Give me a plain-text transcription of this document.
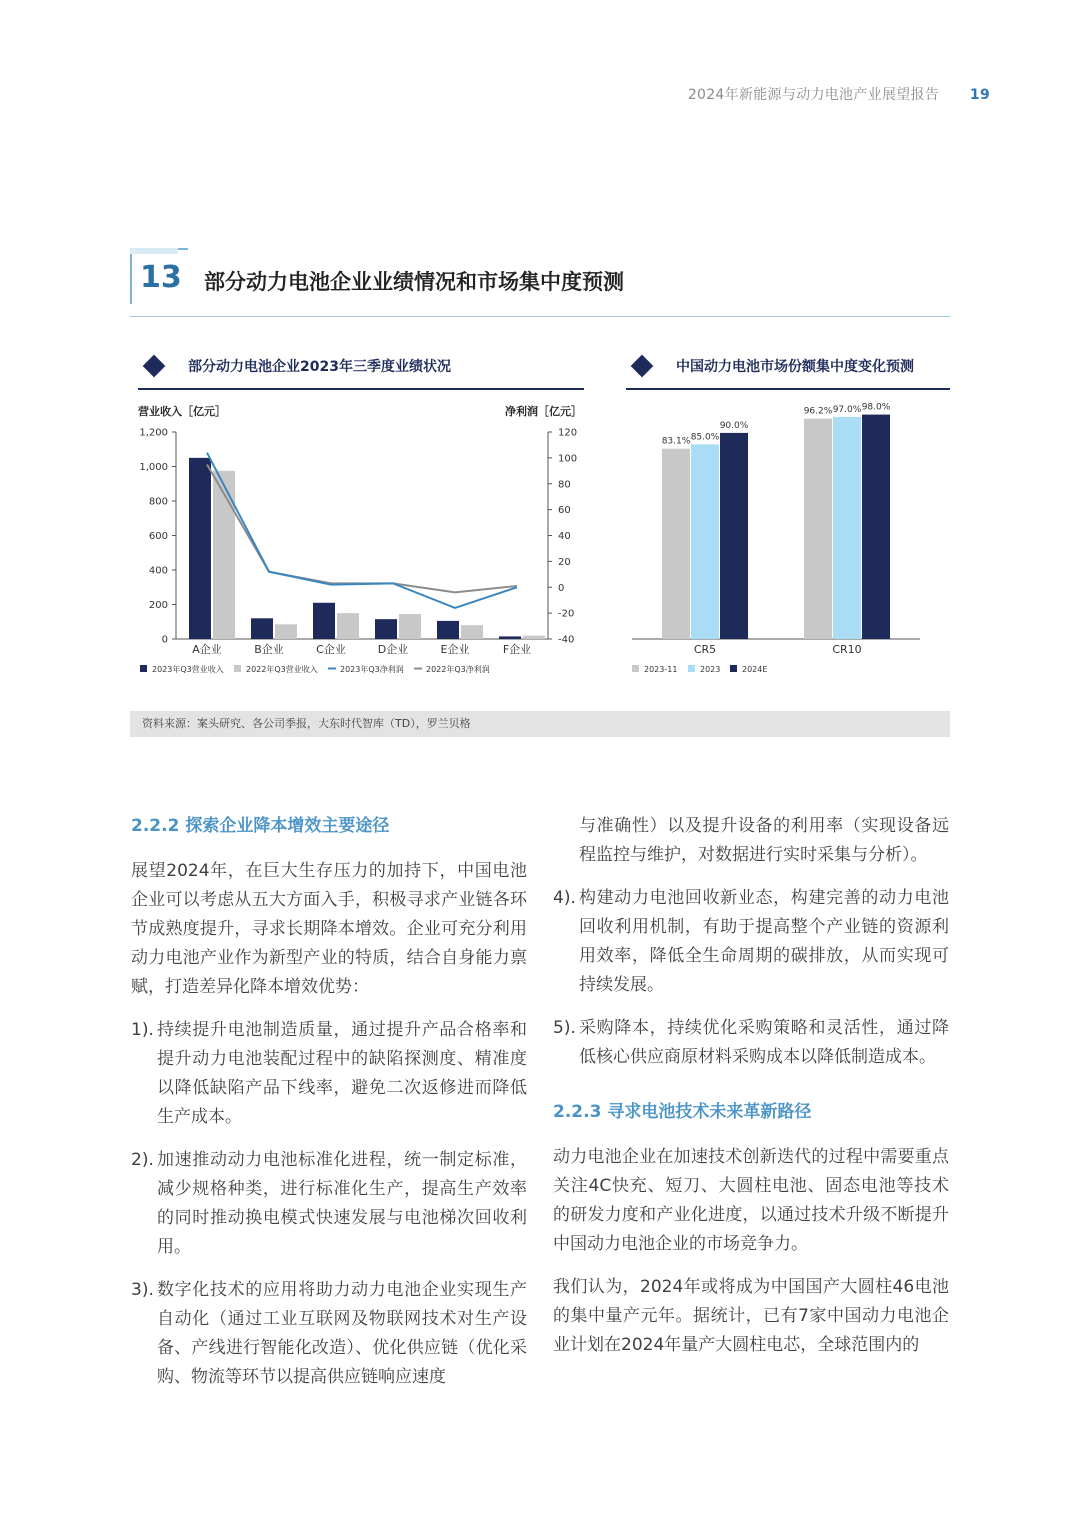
2024年新能源与动力电池产业展望报告 19
13 部分动力电池企业业绩情况和市场集中度预测
部分动力电池企业2023年三季度业绩状况	中国动力电池市场份额集中度变化预测
营业收入［亿元］	净利润［亿元］
1,200
1,000
800
600
400
200
0
120
100
80
60
40
20
0
-20
-40
A企业	B企业	C企业	D企业	E企业	F企业
2023年Q3营业收入	2022年Q3营业收入	2023年Q3净利润	2022年Q3净利润
83.1%
96.2%
85.0%
97.0%
90.0%
98.0%
CR5	CR10
2023-11	2023	2024E
资料来源：案头研究、各公司季报，大东时代智库（TD），罗兰贝格
2.2.2 探索企业降本增效主要途径

展望2024年，在巨大生存压力的加持下，中国电池企业可以考虑从五大方面入手，积极寻求产业链各环节成熟度提升，寻求长期降本增效。企业可充分利用动力电池产业作为新型产业的特质，结合自身能力禀赋，打造差异化降本增效优势：

1). 持续提升电池制造质量，通过提升产品合格率和提升动力电池装配过程中的缺陷探测度、精准度以降低缺陷产品下线率，避免二次返修进而降低生产成本。
2). 加速推动动力电池标准化进程，统一制定标准，减少规格种类，进行标准化生产，提高生产效率的同时推动换电模式快速发展与电池梯次回收利用。
3). 数字化技术的应用将助力动力电池企业实现生产自动化（通过工业互联网及物联网技术对生产设备、产线进行智能化改造）、优化供应链（优化采购、物流等环节以提高供应链响应速度
与准确性）以及提升设备的利用率（实现设备远程监控与维护，对数据进行实时采集与分析）。
4). 构建动力电池回收新业态，构建完善的动力电池回收利用机制，有助于提高整个产业链的资源利用效率，降低全生命周期的碳排放，从而实现可持续发展。
5). 采购降本，持续优化采购策略和灵活性，通过降低核心供应商原材料采购成本以降低制造成本。
2.2.3 寻求电池技术未来革新路径

动力电池企业在加速技术创新迭代的过程中需要重点关注4C快充、短刀、大圆柱电池、固态电池等技术的研发力度和产业化进度，以通过技术升级不断提升中国动力电池企业的市场竞争力。

我们认为，2024年或将成为中国国产大圆柱46电池的集中量产元年。据统计，已有7家中国动力电池企业计划在2024年量产大圆柱电芯，全球范围内的
